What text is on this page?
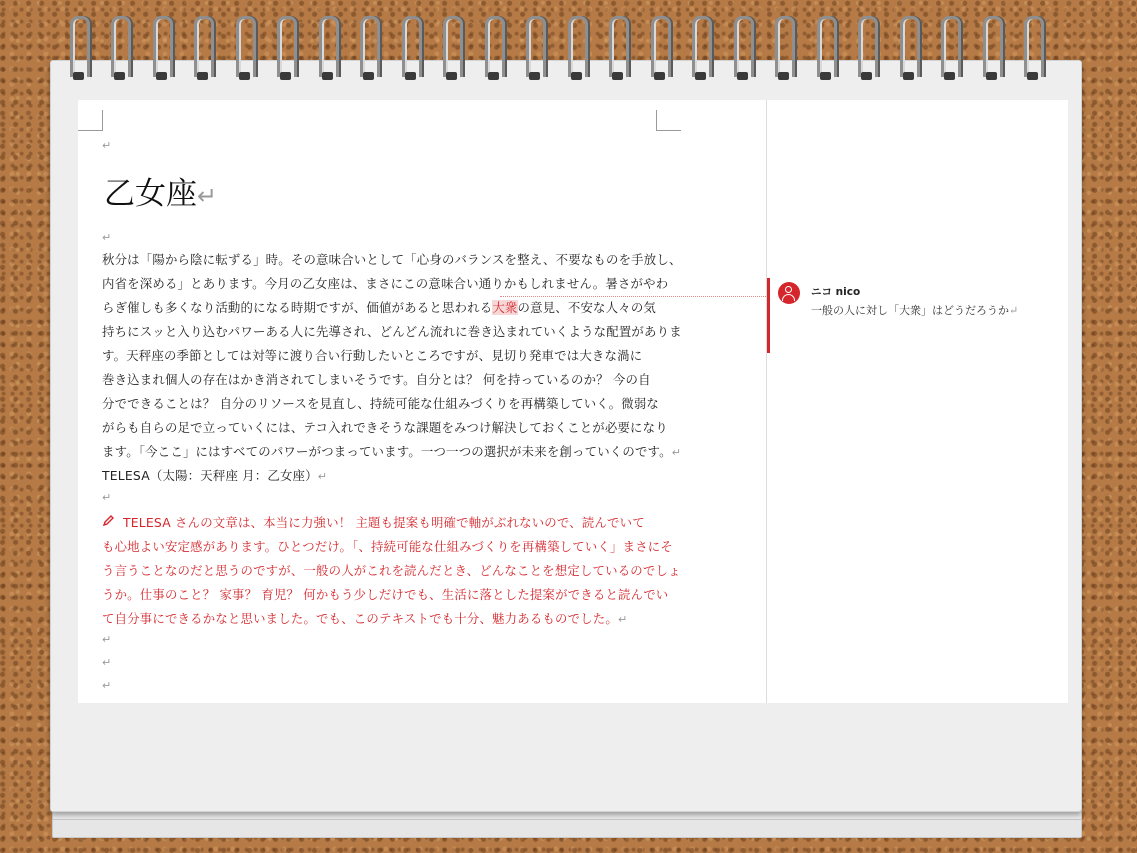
↵
乙女座↵
↵
秋分は「陽から陰に転ずる」時。その意味合いとして「心身のバランスを整え、不要なものを手放し、
内省を深める」とあります。今月の乙女座は、まさにこの意味合い通りかもしれません。暑さがやわ
らぎ催しも多くなり活動的になる時期ですが、価値があると思われる大衆の意見、不安な人々の気
持ちにスッと入り込むパワーある人に先導され、どんどん流れに巻き込まれていくような配置がありま
す。天秤座の季節としては対等に渡り合い行動したいところですが、見切り発車では大きな渦に
巻き込まれ個人の存在はかき消されてしまいそうです。自分とは？ 何を持っているのか？ 今の自
分でできることは？ 自分のリソースを見直し、持続可能な仕組みづくりを再構築していく。微弱な
がらも自らの足で立っていくには、テコ入れできそうな課題をみつけ解決しておくことが必要になり
ます。「今ここ」にはすべてのパワーがつまっています。一つ一つの選択が未来を創っていくのです。↵
TELESA（太陽：天秤座 月：乙女座）↵
↵
TELESA さんの文章は、本当に力強い！ 主題も提案も明確で軸がぶれないので、読んでいて
も心地よい安定感があります。ひとつだけ。「、持続可能な仕組みづくりを再構築していく」まさにそ
う言うことなのだと思うのですが、一般の人がこれを読んだとき、どんなことを想定しているのでしょ
うか。仕事のこと？ 家事？ 育児？ 何かもう少しだけでも、生活に落とした提案ができると読んでい
て自分事にできるかなと思いました。でも、このテキストでも十分、魅力あるものでした。↵
↵
↵
↵
ニコ nico
一般の人に対し「大衆」はどうだろうか↵
